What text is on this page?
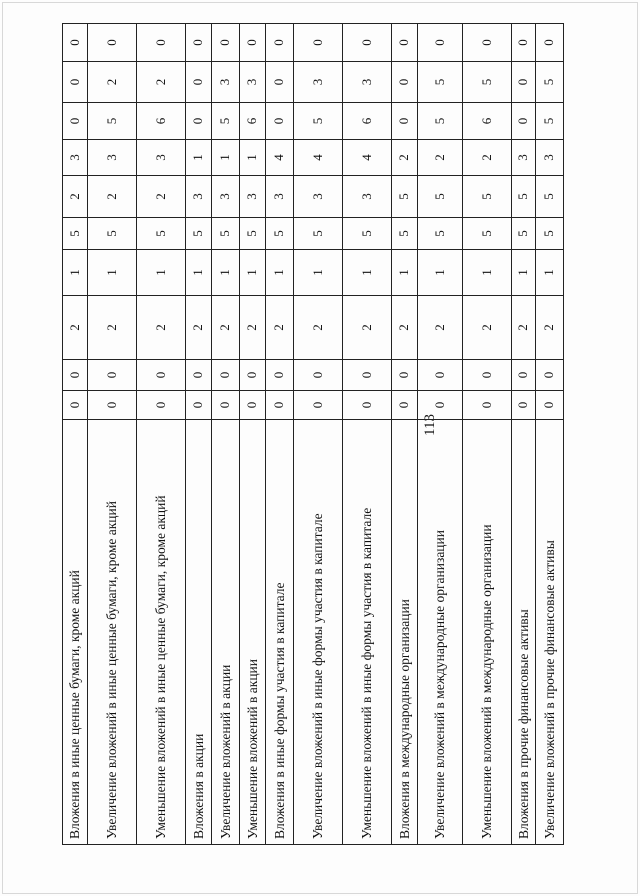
113
Вложения в иные ценные бумаги, кроме акций	0	0	2	1	5	2	3	0	0	0
Увеличение вложений в иные ценные бумаги, кроме акций	0	0	2	1	5	2	3	5	2	0
Уменьшение вложений в иные ценные бумаги, кроме акций	0	0	2	1	5	2	3	6	2	0
Вложения в акции	0	0	2	1	5	3	1	0	0	0
Увеличение вложений в акции	0	0	2	1	5	3	1	5	3	0
Уменьшение вложений в акции	0	0	2	1	5	3	1	6	3	0
Вложения в иные формы участия в капитале	0	0	2	1	5	3	4	0	0	0
Увеличение вложений в иные формы участия в капитале	0	0	2	1	5	3	4	5	3	0
Уменьшение вложений в иные формы участия в капитале	0	0	2	1	5	3	4	6	3	0
Вложения в международные организации	0	0	2	1	5	5	2	0	0	0
Увеличение вложений в международные организации	0	0	2	1	5	5	2	5	5	0
Уменьшение вложений в международные организации	0	0	2	1	5	5	2	6	5	0
Вложения в прочие финансовые активы	0	0	2	1	5	5	3	0	0	0
Увеличение вложений в прочие финансовые активы	0	0	2	1	5	5	3	5	5	0
